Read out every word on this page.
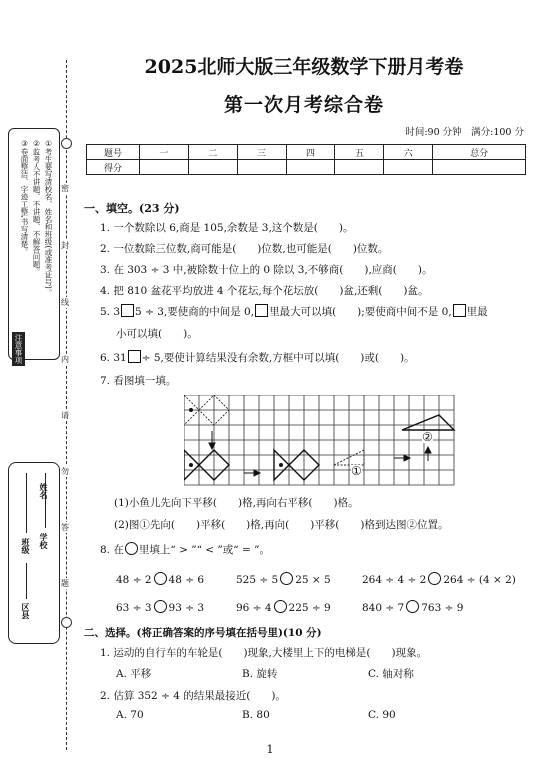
①考生要写清校名、姓名和班级(或准考证号)。
②监考人不讲题、不讲题、不解答问题。
③卷面整洁、字迹工整,书写清楚。
注意事项
学校
姓名
区县
班级
密
封
线
内
请
勿
答
题
2025北师大版三年级数学下册月考卷
第一次月考综合卷
时间:90 分钟　满分:100 分
题号	一	二	三	四	五	六	总分
得分							
一、填空。(23 分)
1. 一个数除以 6,商是 105,余数是 3,这个数是(　　)。
2. 一位数除三位数,商可能是(　　)位数,也可能是(　　)位数。
3. 在 303 ÷ 3 中,被除数十位上的 0 除以 3,不够商(　　),应商(　　)。
4. 把 810 盆花平均放进 4 个花坛,每个花坛放(　　)盆,还剩(　　)盆。
5. 3 5 ÷ 3,要使商的中间是 0, 里最大可以填(　　);要使商中间不是 0, 里最
小可以填(　　)。
6. 31 ÷ 5,要使计算结果没有余数,方框中可以填(　　)或(　　)。
7. 看图填一填。
①
②
(1)小鱼儿先向下平移(　　)格,再向右平移(　　)格。
(2)图①先向(　　)平移(　　)格,再向(　　)平移(　　)格到达图②位置。
8. 在 里填上“ > ”“ < ”或“ = ”。
48 ÷ 2 48 ÷ 6	525 ÷ 5 25 × 5	264 ÷ 4 ÷ 2 264 ÷ (4 × 2)
63 ÷ 3 93 ÷ 3	96 ÷ 4 225 ÷ 9	840 ÷ 7 763 ÷ 9
二、选择。(将正确答案的序号填在括号里)(10 分)
1. 运动的自行车的车轮是(　　)现象,大楼里上下的电梯是(　　)现象。
A. 平移	B. 旋转	C. 轴对称
2. 估算 352 ÷ 4 的结果最接近(　　)。
A. 70	B. 80	C. 90
1
